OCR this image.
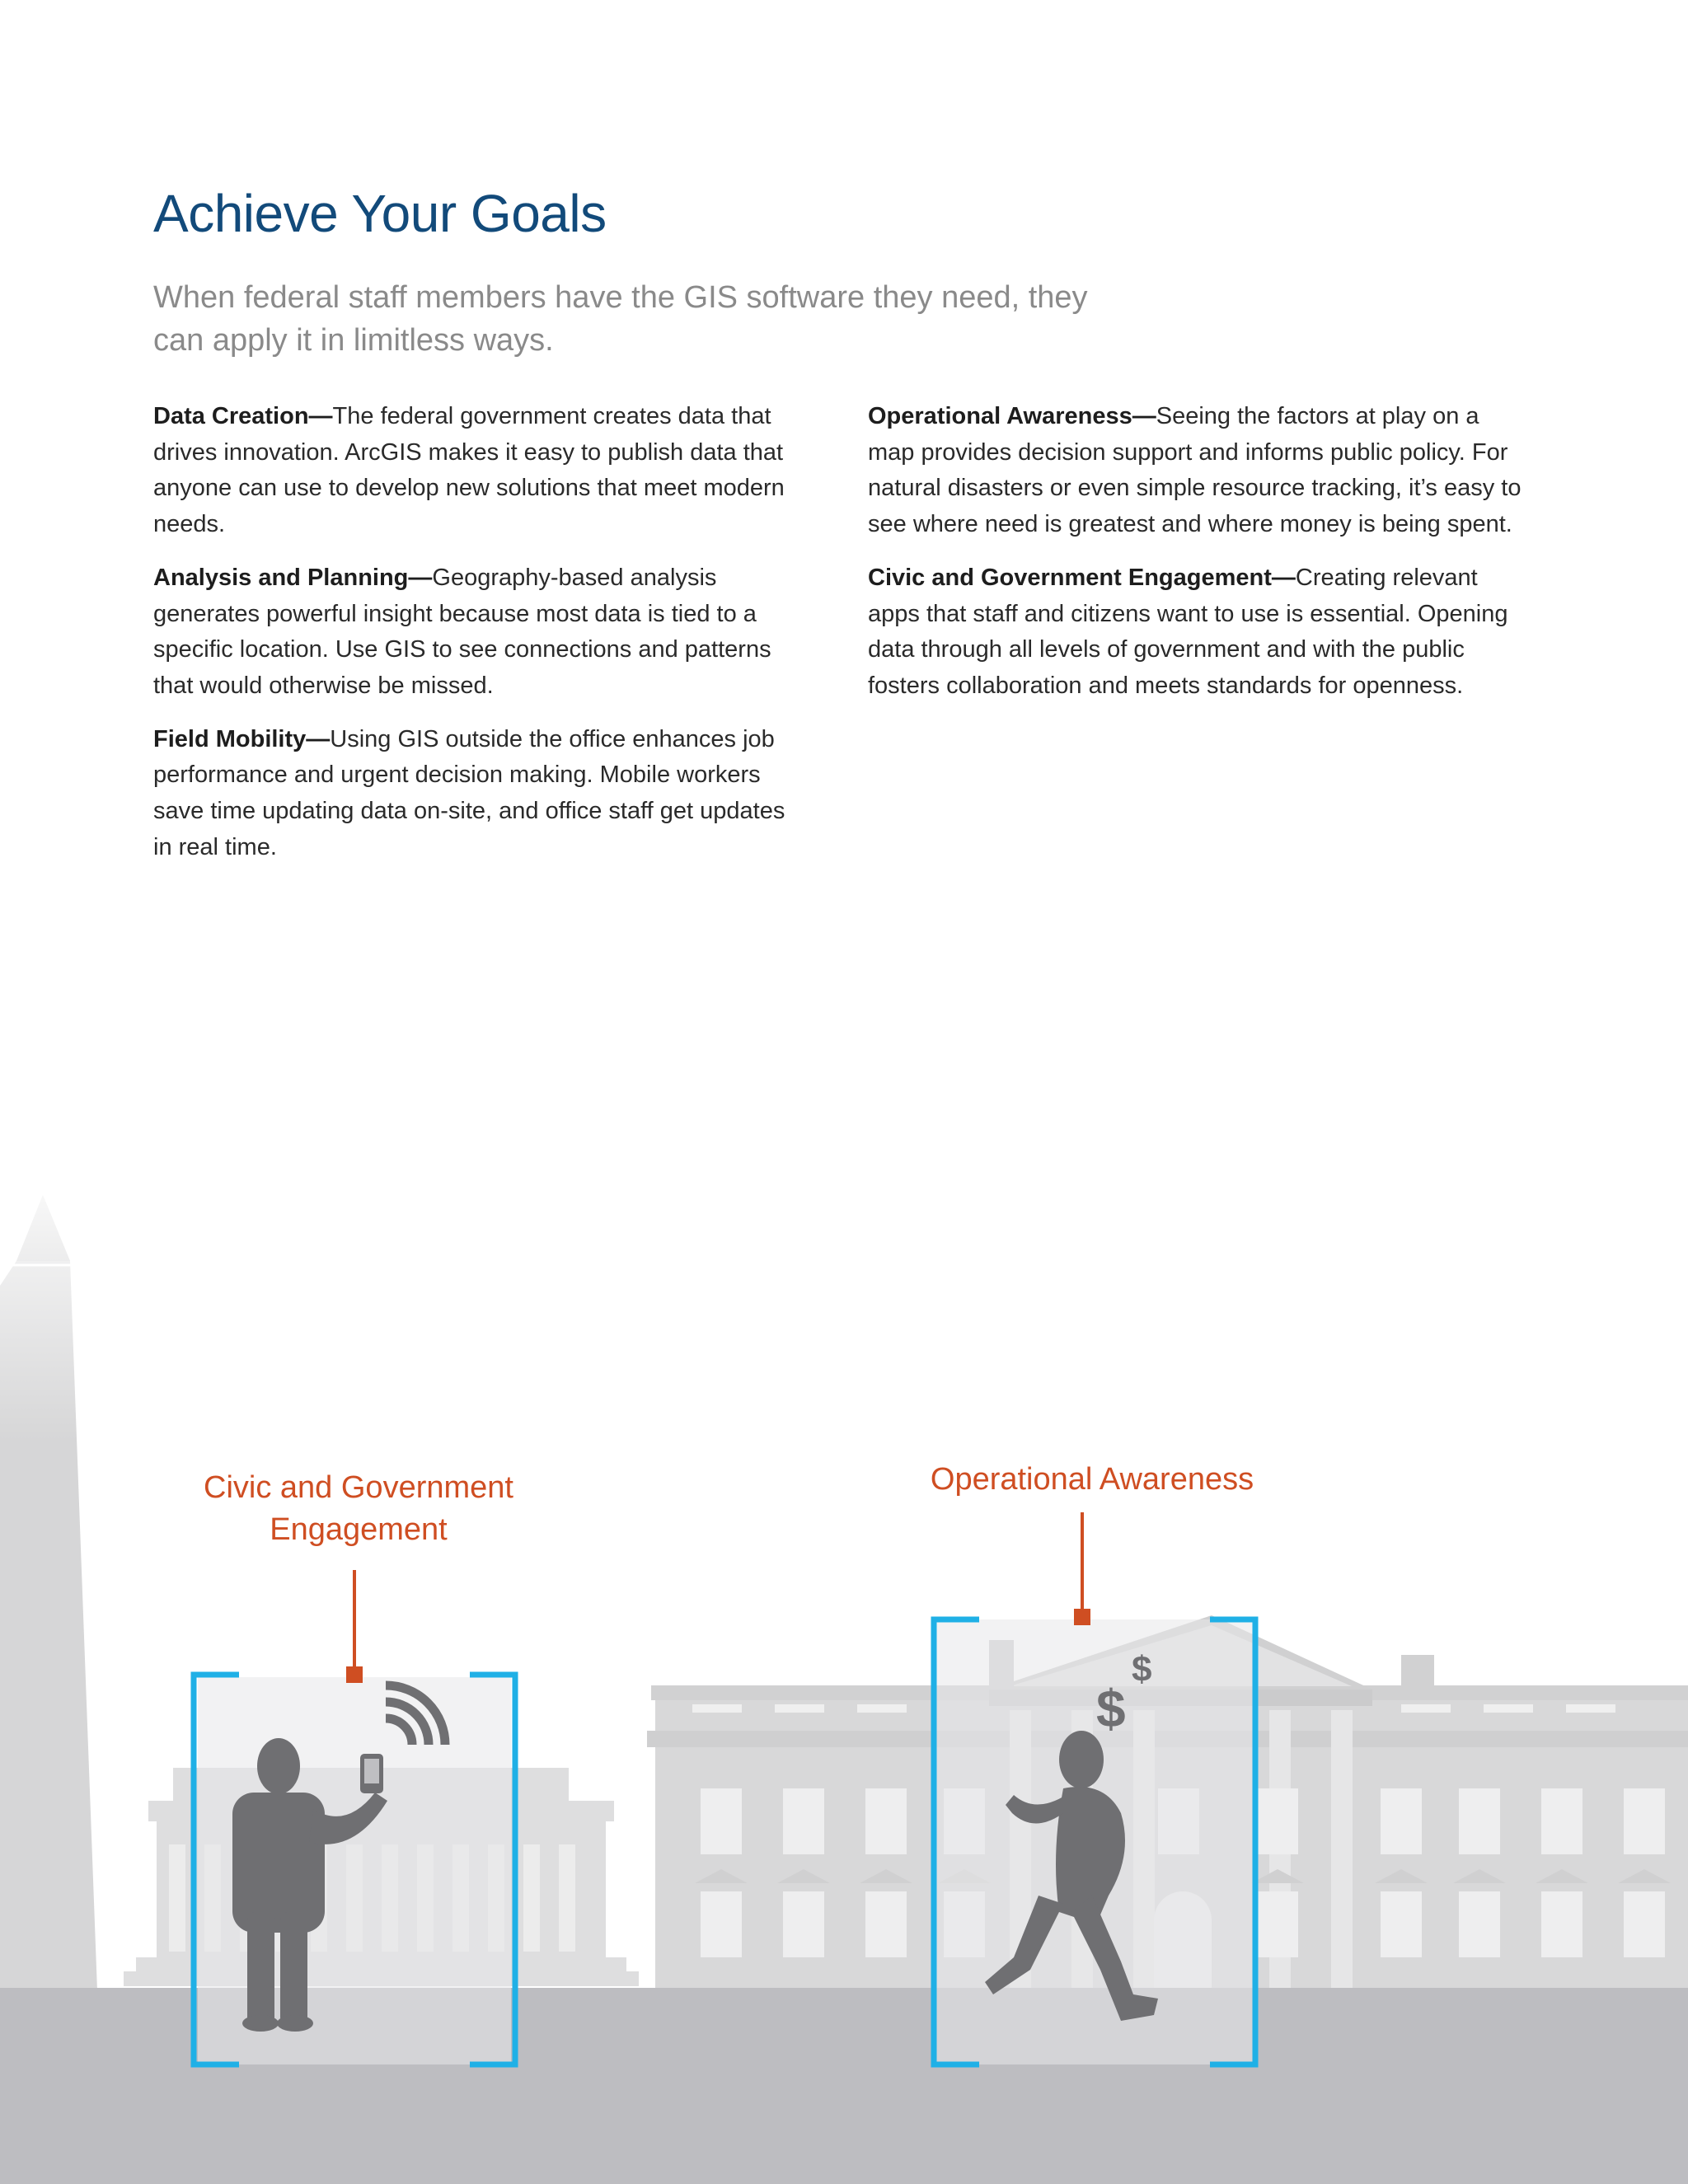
Achieve Your Goals

When federal staff members have the GIS software they need, they can apply it in limitless ways.

Data Creation—The federal government creates data that drives innovation. ArcGIS makes it easy to publish data that anyone can use to develop new solutions that meet modern needs.

Analysis and Planning—Geography-based analysis generates powerful insight because most data is tied to a specific location. Use GIS to see connections and patterns that would otherwise be missed.

Field Mobility—Using GIS outside the office enhances job performance and urgent decision making. Mobile workers save time updating data on-site, and office staff get updates in real time.

Operational Awareness—Seeing the factors at play on a map provides decision support and informs public policy. For natural disasters or even simple resource tracking, it’s easy to see where need is greatest and where money is being spent.

Civic and Government Engagement—Creating relevant apps that staff and citizens want to use is essential. Opening data through all levels of government and with the public fosters collaboration and meets standards for openness.

$
$

Civic and Government Engagement

Operational Awareness
